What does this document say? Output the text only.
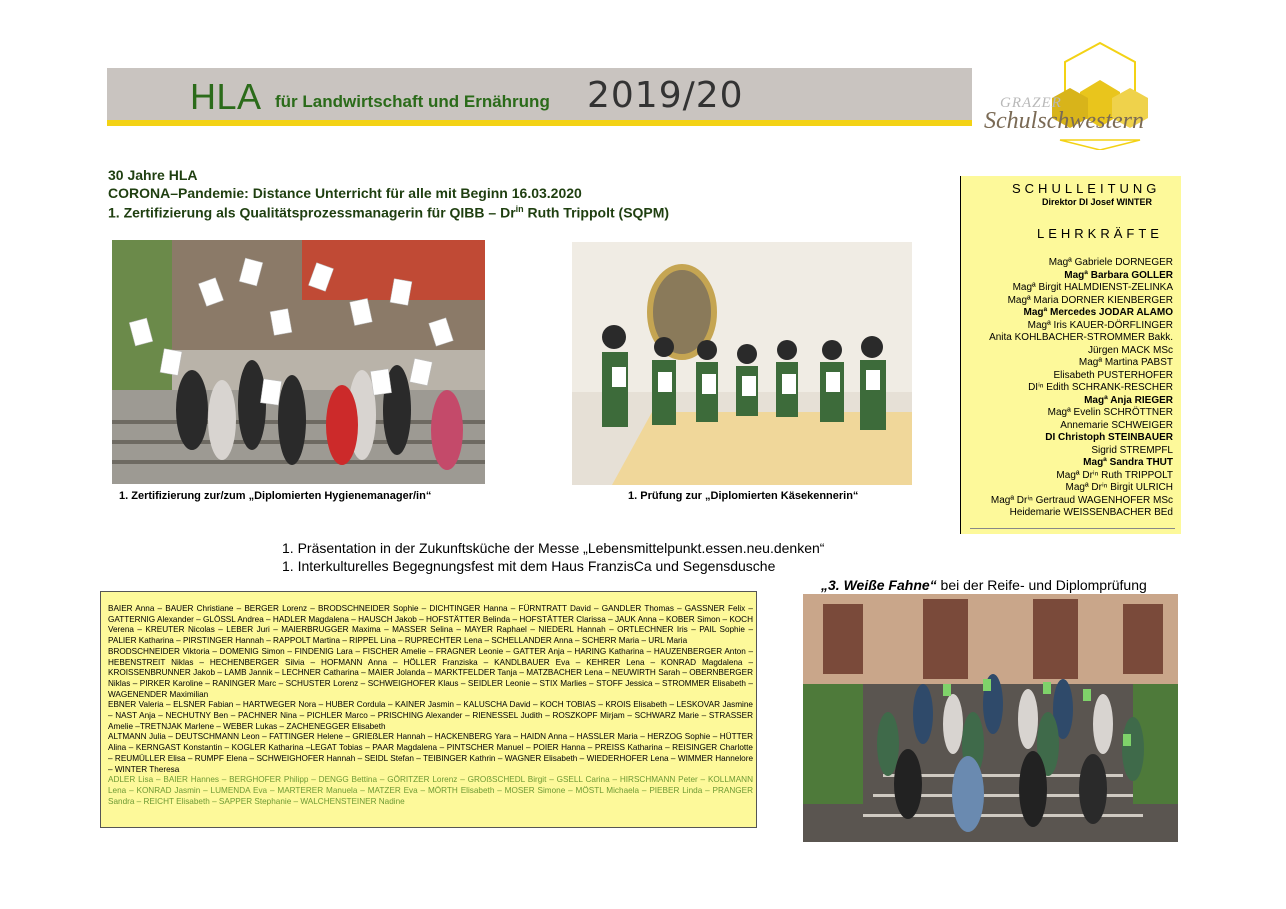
HLA für Landwirtschaft und Ernährung 2019/20	GRAZER
Schulschwestern
30 Jahre HLA
CORONA–Pandemie: Distance Unterricht für alle mit Beginn 16.03.2020
1. Zertifizierung als Qualitätsprozessmanagerin für QIBB – $Dr^{in}$ Ruth Trippolt (SQPM)
1. Zertifizierung zur/zum „Diplomierten Hygienemanager/in“	1. Prüfung zur „Diplomierten Käsekennerin“
SCHULLEITUNG
Direktor DI Josef WINTER
LEHRKRÄFTE
Magª Gabriele DORNEGER
Magª Barbara GOLLER
Magª Birgit HALMDIENST-ZELINKA
Magª Maria DORNER KIENBERGER
Magª Mercedes JODAR ALAMO
Magª Iris KAUER-DÖRFLINGER
Anita KOHLBACHER-STROMMER Bakk.
Jürgen MACK MSc
Magª Martina PABST
Elisabeth PUSTERHOFER
DIⁱⁿ Edith SCHRANK-RESCHER
Magª Anja RIEGER
Magª Evelin SCHRÖTTNER
Annemarie SCHWEIGER
DI Christoph STEINBAUER
Sigrid STREMPFL
Magª Sandra THUT
Magª Drⁱⁿ Ruth TRIPPOLT
Magª Drⁱⁿ Birgit ULRICH
Magª Drⁱⁿ Gertraud WAGENHOFER MSc
Heidemarie WEISSENBACHER BEd
1. Präsentation in der Zukunftsküche der Messe „Lebensmittelpunkt.essen.neu.denken“
1. Interkulturelles Begegnungsfest mit dem Haus FranzisCa und Segensdusche
„3. Weiße Fahne“ bei der Reife- und Diplomprüfung

BAIER Anna – BAUER Christiane – BERGER Lorenz – BRODSCHNEIDER Sophie – DICHTINGER Hanna – FÜRNTRATT David – GANDLER Thomas – GASSNER Felix – GATTERNIG Alexander – GLÖSSL Andrea – HADLER Magdalena – HAUSCH Jakob – HOFSTÄTTER Belinda – HOFSTÄTTER Clarissa – JAUK Anna – KOBER Simon – KOCH Verena – KREUTER Nicolas – LEBER Juri – MAIERBRUGGER Maxima – MASSER Selina – MAYER Raphael – NIEDERL Hannah – ORTLECHNER Iris – PAIL Sophie – PALIER Katharina – PIRSTINGER Hannah – RAPPOLT Martina – RIPPEL Lina – RUPRECHTER Lena – SCHELLANDER Anna – SCHERR Maria – URL Maria

BRODSCHNEIDER Viktoria – DOMENIG Simon – FINDENIG Lara – FISCHER Amelie – FRAGNER Leonie – GATTER Anja – HARING Katharina – HAUZENBERGER Anton – HEBENSTREIT Niklas – HECHENBERGER Silvia – HOFMANN Anna – HÖLLER Franziska – KANDLBAUER Eva – KEHRER Lena – KONRAD Magdalena – KROISSENBRUNNER Jakob – LAMB Jannik – LECHNER Catharina – MAIER Jolanda – MARKTFELDER Tanja – MATZBACHER Lena – NEUWIRTH Sarah – OBERNBERGER Niklas – PIRKER Karoline – RANINGER Marc – SCHUSTER Lorenz – SCHWEIGHOFER Klaus – SEIDLER Leonie – STIX Marlies – STOFF Jessica – STROMMER Elisabeth – WAGENENDER Maximilian

EBNER Valeria – ELSNER Fabian – HARTWEGER Nora – HUBER Cordula – KAINER Jasmin – KALUSCHA David – KOCH TOBIAS – KROIS Elisabeth – LESKOVAR Jasmine – NAST Anja – NECHUTNY Ben – PACHNER Nina – PICHLER Marco – PRISCHING Alexander – RIENESSEL Judith – ROSZKOPF Mirjam – SCHWARZ Marie – STRASSER Amelie –TRETNJAK Marlene – WEBER Lukas – ZACHENEGGER Elisabeth

ALTMANN Julia – DEUTSCHMANN Leon – FATTINGER Helene – GRIEẞLER Hannah – HACKENBERG Yara – HAIDN Anna – HASSLER Maria – HERZOG Sophie – HÜTTER Alina – KERNGAST Konstantin – KOGLER Katharina –LEGAT Tobias – PAAR Magdalena – PINTSCHER Manuel – POIER Hanna – PREISS Katharina – REISINGER Charlotte – REUMÜLLER Elisa – RUMPF Elena – SCHWEIGHOFER Hannah – SEIDL Stefan – TEIBINGER Kathrin – WAGNER Elisabeth – WIEDERHOFER Lena – WIMMER Hannelore – WINTER Theresa

ADLER Lisa – BAIER Hannes – BERGHOFER Philipp – DENGG Bettina – GÖRITZER Lorenz – GROẞSCHEDL Birgit – GSELL Carina – HIRSCHMANN Peter – KOLLMANN Lena – KONRAD Jasmin – LUMENDA Eva – MARTERER Manuela – MATZER Eva – MÖRTH Elisabeth – MOSER Simone – MÖSTL Michaela – PIEBER Linda – PRANGER Sandra – REICHT Elisabeth – SAPPER Stephanie – WALCHENSTEINER Nadine
